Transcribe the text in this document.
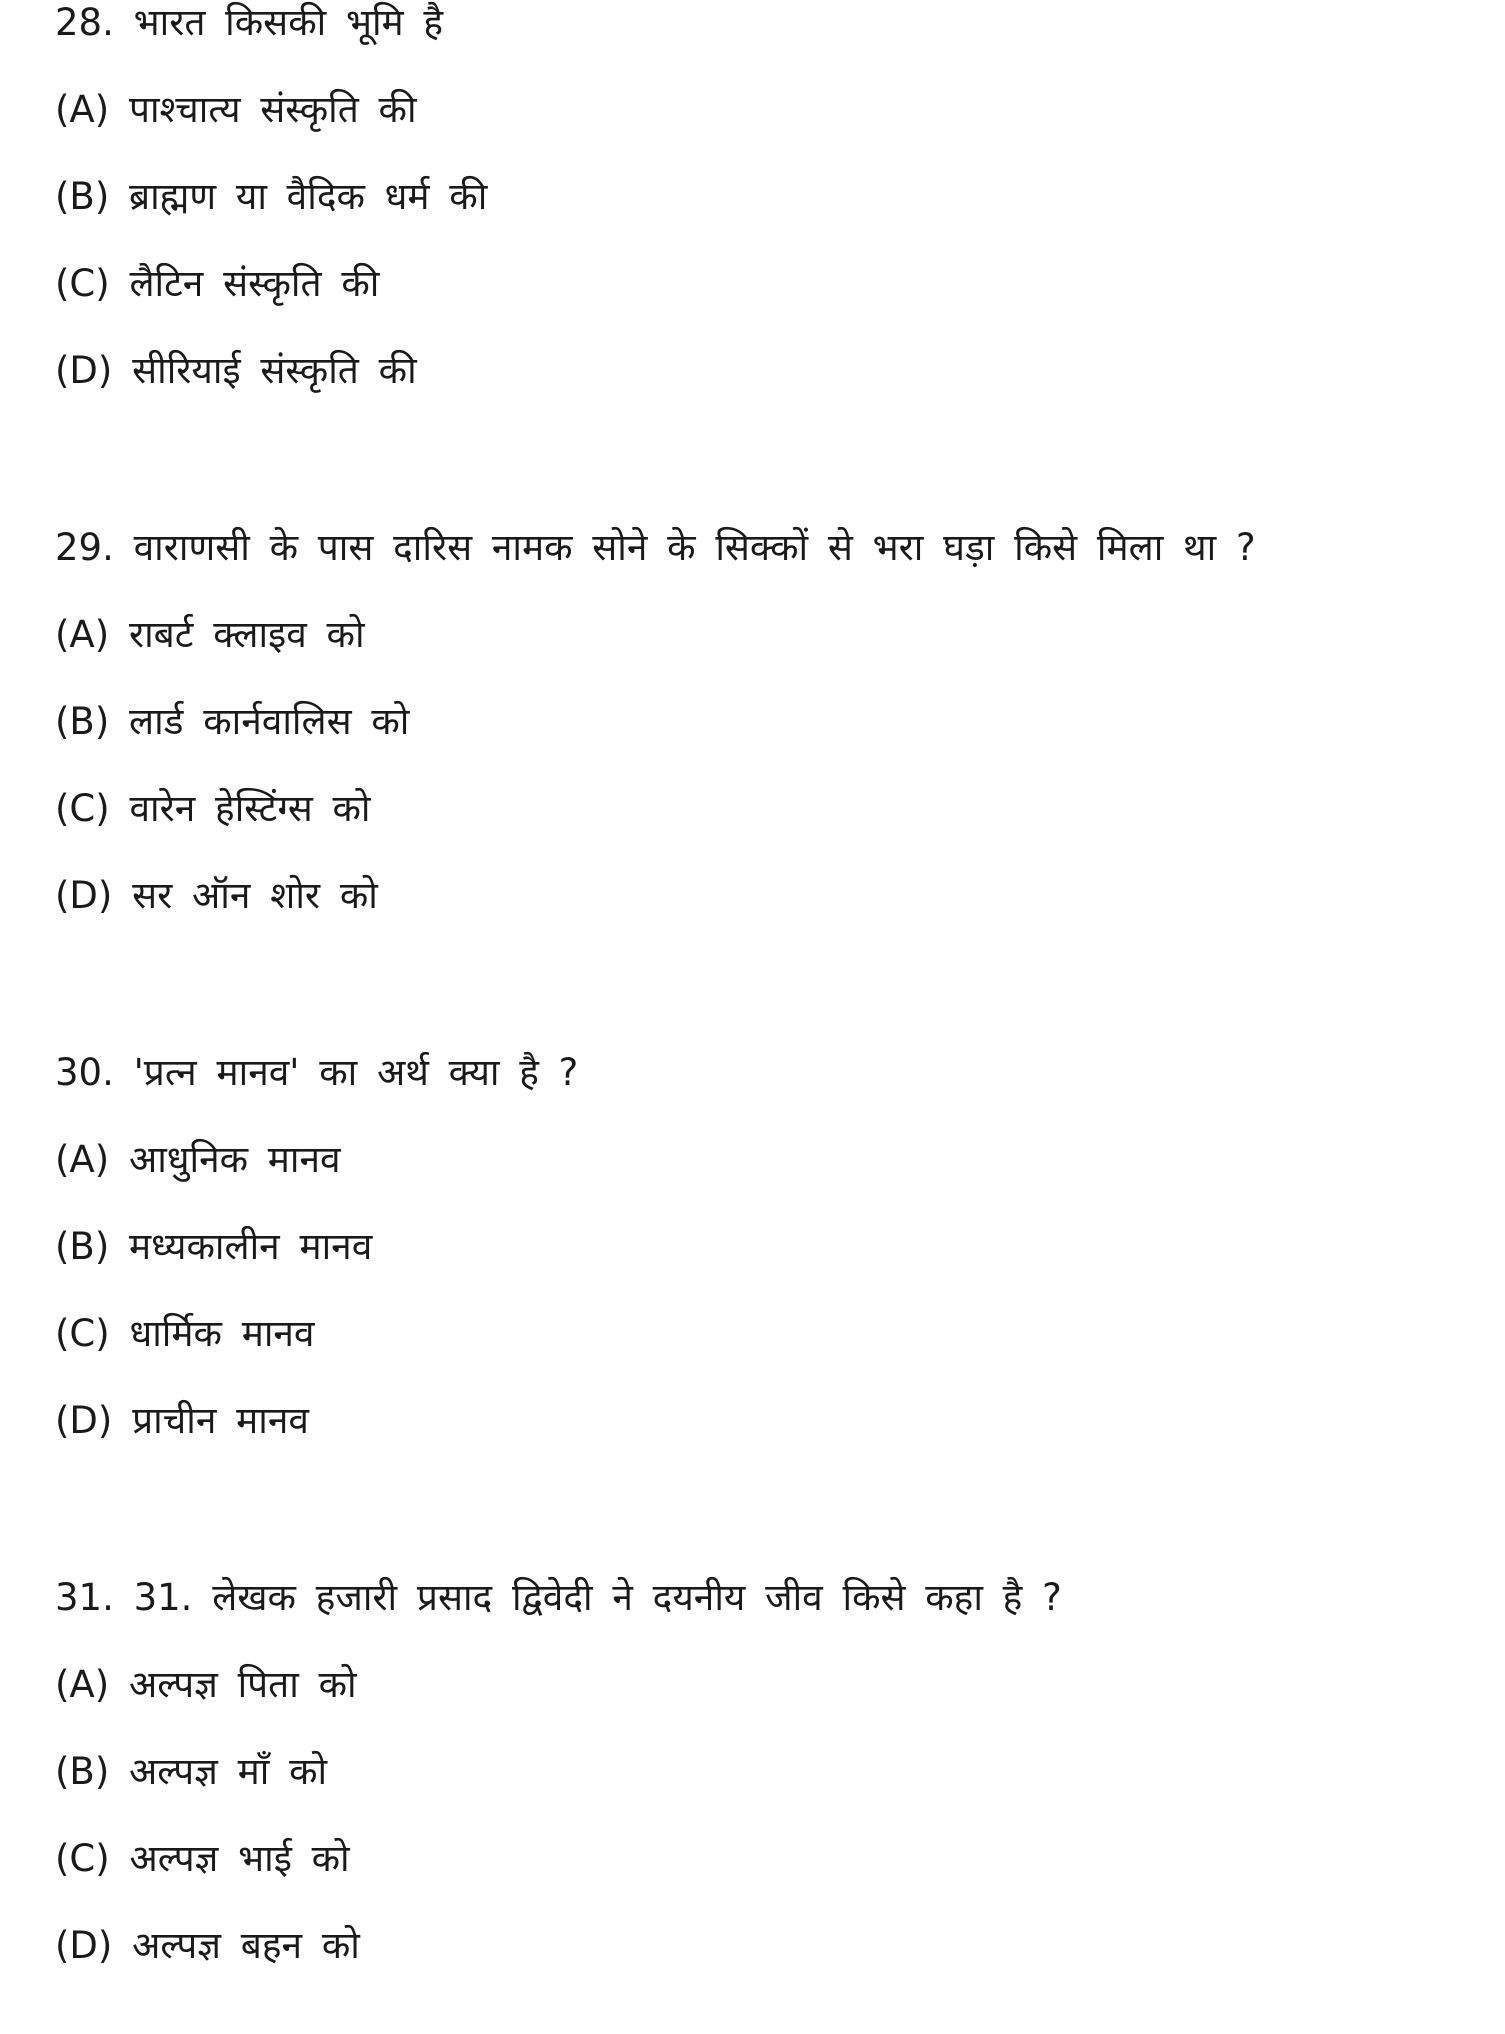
28. भारत किसकी भूमि है
(A) पाश्चात्य संस्कृति की
(B) ब्राह्मण या वैदिक धर्म की
(C) लैटिन संस्कृति की
(D) सीरियाई संस्कृति की
29. वाराणसी के पास दारिस नामक सोने के सिक्कों से भरा घड़ा किसे मिला था ?
(A) राबर्ट क्लाइव को
(B) लार्ड कार्नवालिस को
(C) वारेन हेस्टिंग्स को
(D) सर ऑन शोर को
30. 'प्रत्न मानव' का अर्थ क्या है ?
(A) आधुनिक मानव
(B) मध्यकालीन मानव
(C) धार्मिक मानव
(D) प्राचीन मानव
31. 31. लेखक हजारी प्रसाद द्विवेदी ने दयनीय जीव किसे कहा है ?
(A) अल्पज्ञ पिता को
(B) अल्पज्ञ माँ को
(C) अल्पज्ञ भाई को
(D) अल्पज्ञ बहन को
